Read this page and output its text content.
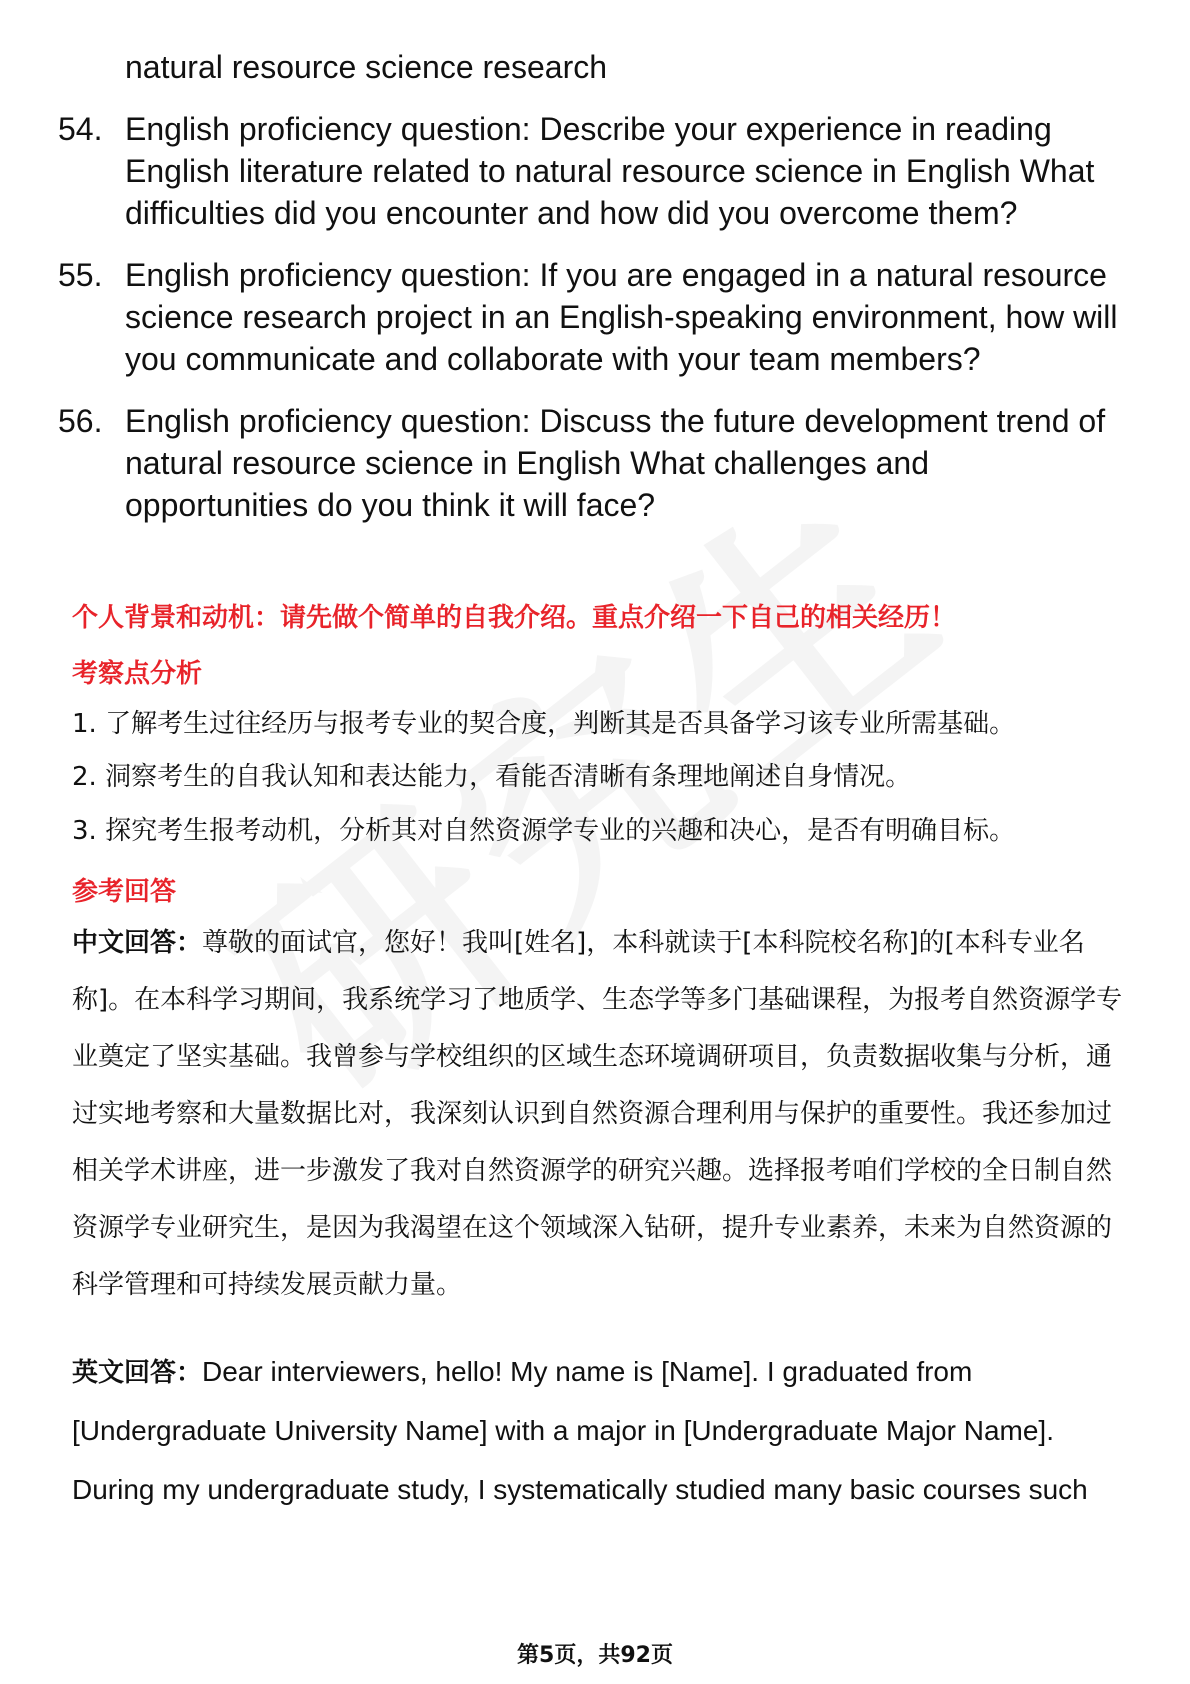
natural resource science research
54. English proficiency question: Describe your experience in reading English literature related to natural resource science in English What difficulties did you encounter and how did you overcome them?
55. English proficiency question: If you are engaged in a natural resource science research project in an English-speaking environment, how will you communicate and collaborate with your team members?
56. English proficiency question: Discuss the future development trend of natural resource science in English What challenges and opportunities do you think it will face?
个人背景和动机：请先做个简单的自我介绍。重点介绍一下自己的相关经历！
考察点分析
1. 了解考生过往经历与报考专业的契合度，判断其是否具备学习该专业所需基础。
2. 洞察考生的自我认知和表达能力，看能否清晰有条理地阐述自身情况。
3. 探究考生报考动机，分析其对自然资源学专业的兴趣和决心，是否有明确目标。
参考回答
中文回答：尊敬的面试官，您好！我叫[姓名]，本科就读于[本科院校名称]的[本科专业名称]。在本科学习期间，我系统学习了地质学、生态学等多门基础课程，为报考自然资源学专业奠定了坚实基础。我曾参与学校组织的区域生态环境调研项目，负责数据收集与分析，通过实地考察和大量数据比对，我深刻认识到自然资源合理利用与保护的重要性。我还参加过相关学术讲座，进一步激发了我对自然资源学的研究兴趣。选择报考咱们学校的全日制自然资源学专业研究生，是因为我渴望在这个领域深入钻研，提升专业素养，未来为自然资源的科学管理和可持续发展贡献力量。
英文回答：Dear interviewers, hello! My name is [Name]. I graduated from [Undergraduate University Name] with a major in [Undergraduate Major Name]. During my undergraduate study, I systematically studied many basic courses such
第5页，共92页
